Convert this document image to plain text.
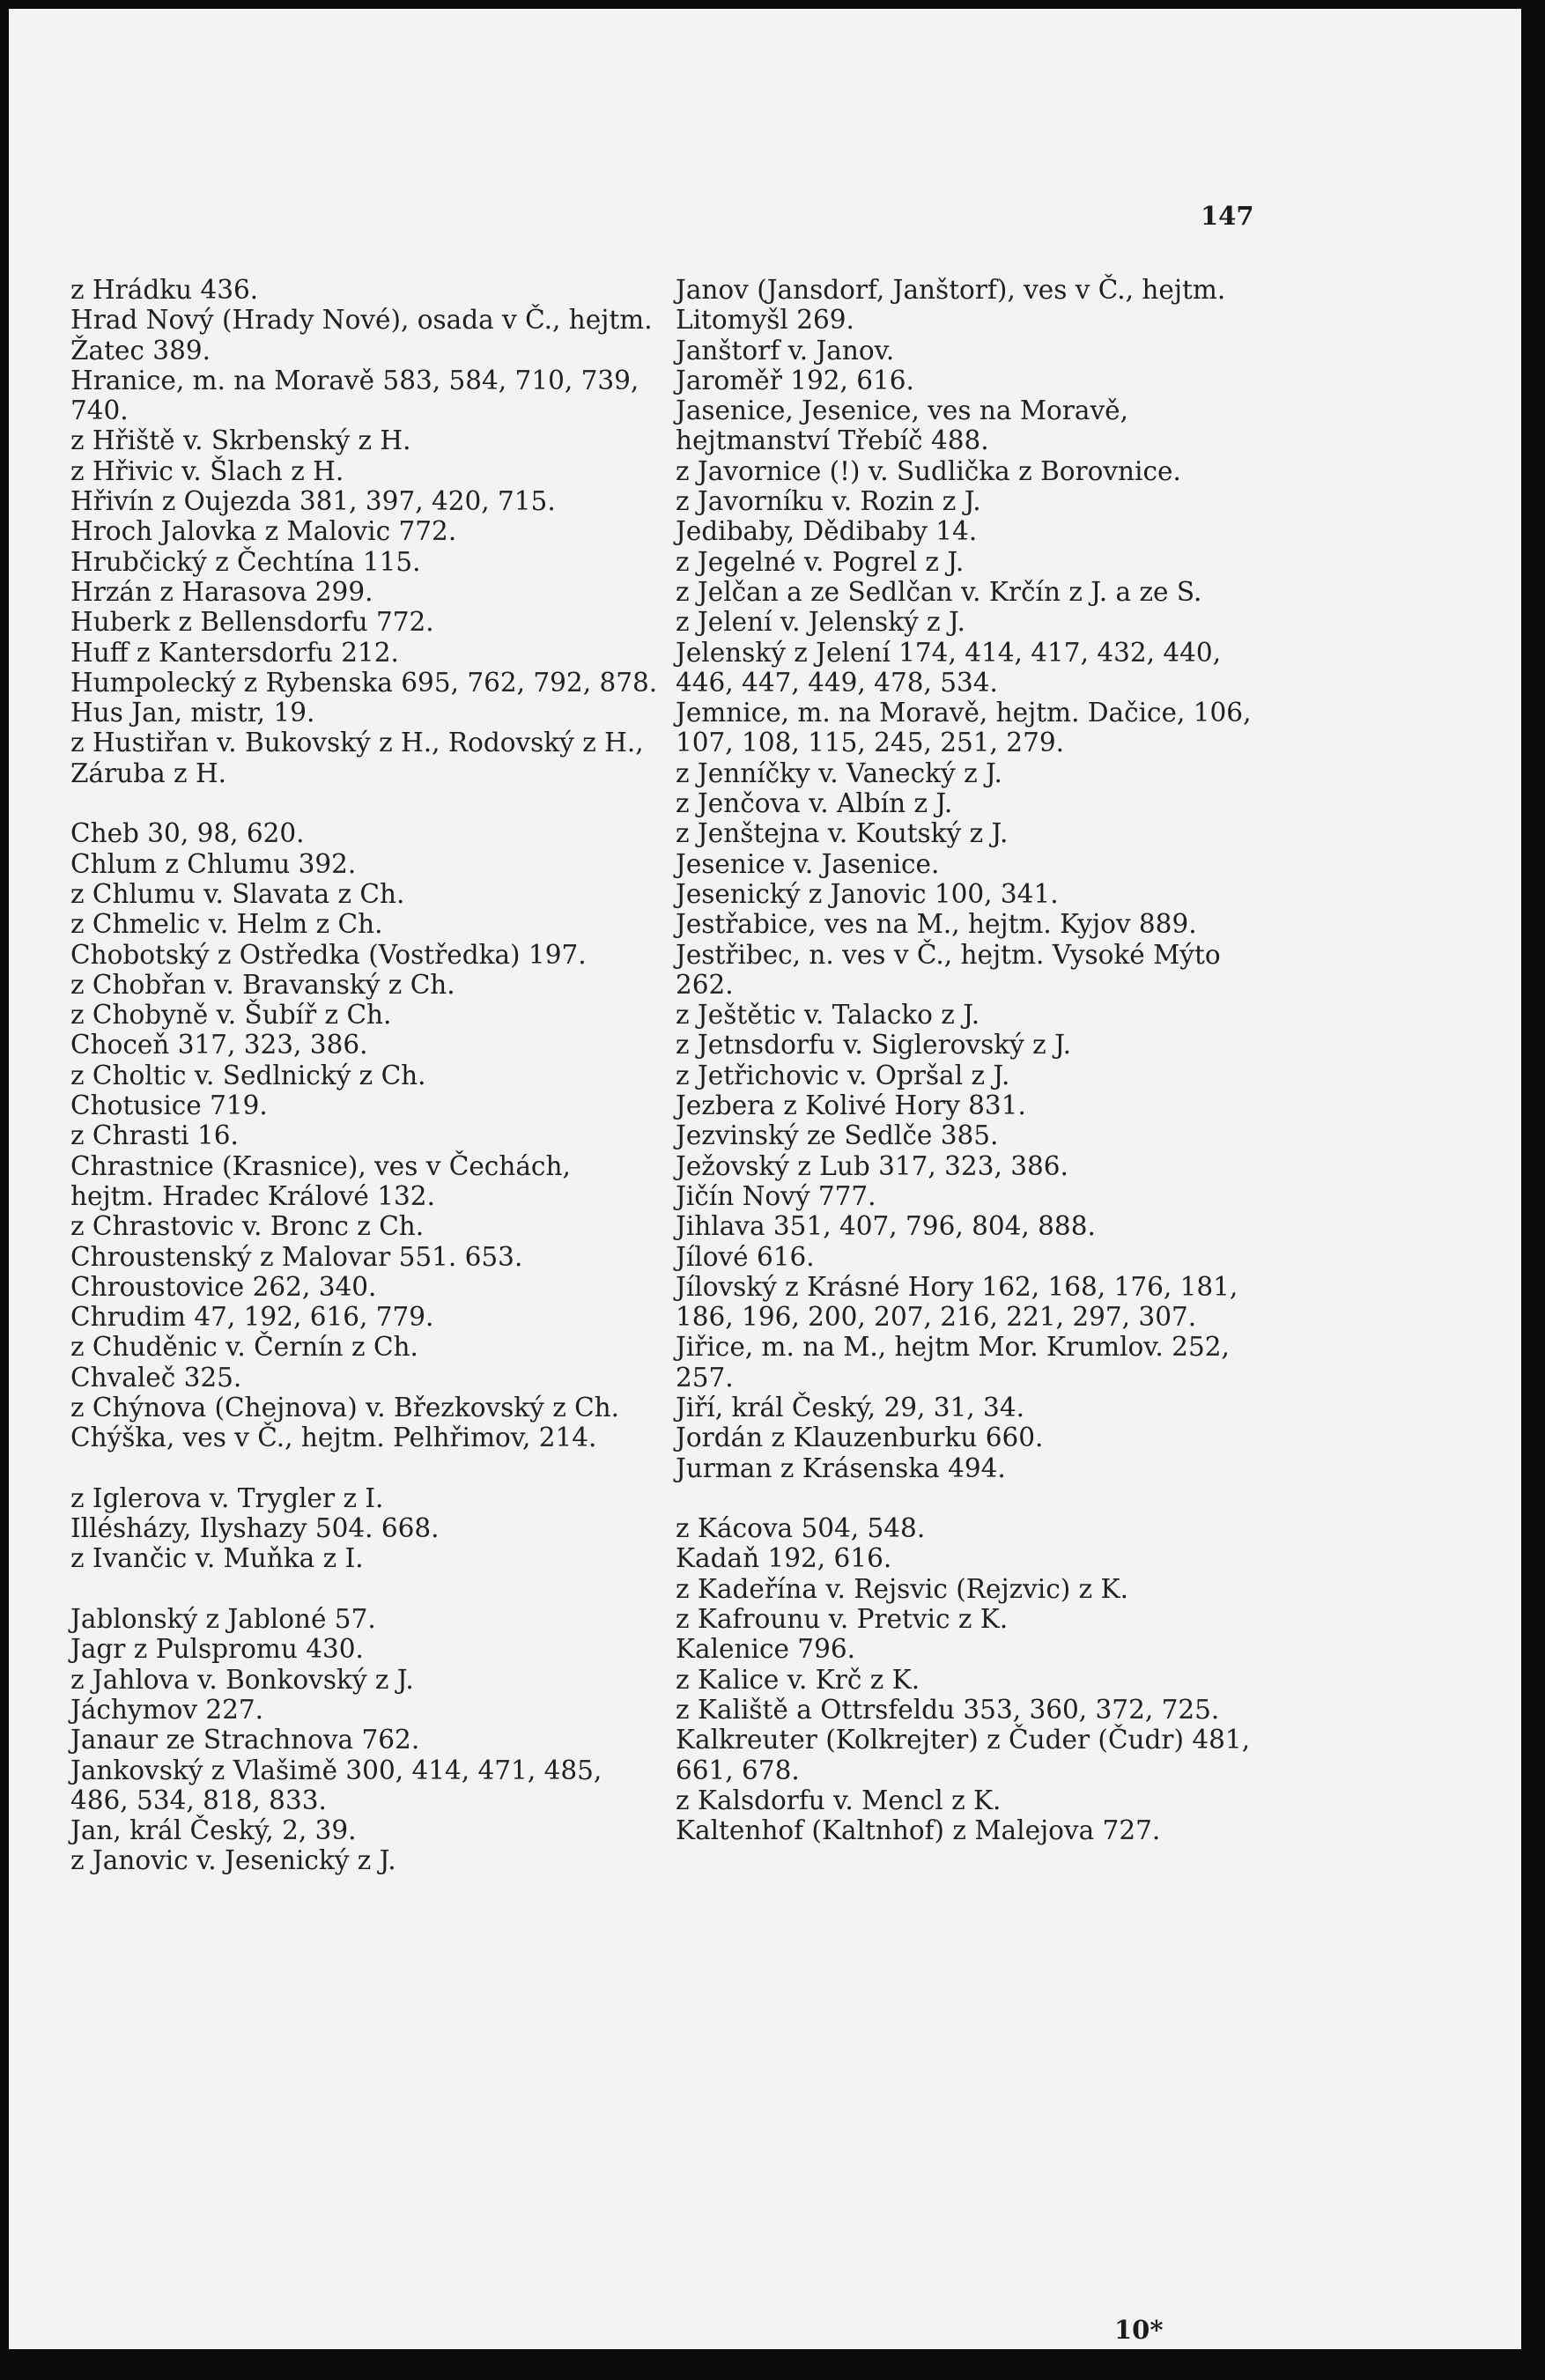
147
z Hrádku 436.
Hrad Nový (Hrady Nové), osada v Č., hejtm. Žatec 389.
Hranice, m. na Moravě 583, 584, 710, 739, 740.
z Hřiště v. Skrbenský z H.
z Hřivic v. Šlach z H.
Hřivín z Oujezda 381, 397, 420, 715.
Hroch Jalovka z Malovic 772.
Hrubčický z Čechtína 115.
Hrzán z Harasova 299.
Huberk z Bellensdorfu 772.
Huff z Kantersdorfu 212.
Humpolecký z Rybenska 695, 762, 792, 878.
Hus Jan, mistr, 19.
z Hustiřan v. Bukovský z H., Rodovský z H., Záruba z H.
Cheb 30, 98, 620.
Chlum z Chlumu 392.
z Chlumu v. Slavata z Ch.
z Chmelic v. Helm z Ch.
Chobotský z Ostředka (Vostředka) 197.
z Chobřan v. Bravanský z Ch.
z Chobyně v. Šubíř z Ch.
Choceň 317, 323, 386.
z Choltic v. Sedlnický z Ch.
Chotusice 719.
z Chrasti 16.
Chrastnice (Krasnice), ves v Čechách, hejtm. Hradec Králové 132.
z Chrastovic v. Bronc z Ch.
Chroustenský z Malovar 551. 653.
Chroustovice 262, 340.
Chrudim 47, 192, 616, 779.
z Chuděnic v. Černín z Ch.
Chvaleč 325.
z Chýnova (Chejnova) v. Březkovský z Ch.
Chýška, ves v Č., hejtm. Pelhřimov, 214.
z Iglerova v. Trygler z I.
Illésházy, Ilyshazy 504. 668.
z Ivančic v. Muňka z I.
Jablonský z Jabloné 57.
Jagr z Pulspromu 430.
z Jahlova v. Bonkovský z J.
Jáchymov 227.
Janaur ze Strachnova 762.
Jankovský z Vlašimě 300, 414, 471, 485, 486, 534, 818, 833.
Jan, král Český, 2, 39.
z Janovic v. Jesenický z J.
Janov (Jansdorf, Janštorf), ves v Č., hejtm. Litomyšl 269.
Janštorf v. Janov.
Jaroměř 192, 616.
Jasenice, Jesenice, ves na Moravě, hejtmanství Třebíč 488.
z Javornice (!) v. Sudlička z Borovnice.
z Javorníku v. Rozin z J.
Jedibaby, Dědibaby 14.
z Jegelné v. Pogrel z J.
z Jelčan a ze Sedlčan v. Krčín z J. a ze S.
z Jelení v. Jelenský z J.
Jelenský z Jelení 174, 414, 417, 432, 440, 446, 447, 449, 478, 534.
Jemnice, m. na Moravě, hejtm. Dačice, 106, 107, 108, 115, 245, 251, 279.
z Jenníčky v. Vanecký z J.
z Jenčova v. Albín z J.
z Jenštejna v. Koutský z J.
Jesenice v. Jasenice.
Jesenický z Janovic 100, 341.
Jestřabice, ves na M., hejtm. Kyjov 889.
Jestřibec, n. ves v Č., hejtm. Vysoké Mýto 262.
z Ještětic v. Talacko z J.
z Jetnsdorfu v. Siglerovský z J.
z Jetřichovic v. Opršal z J.
Jezbera z Kolivé Hory 831.
Jezvinský ze Sedlče 385.
Ježovský z Lub 317, 323, 386.
Jičín Nový 777.
Jihlava 351, 407, 796, 804, 888.
Jílové 616.
Jílovský z Krásné Hory 162, 168, 176, 181, 186, 196, 200, 207, 216, 221, 297, 307.
Jiřice, m. na M., hejtm Mor. Krumlov. 252, 257.
Jiří, král Český, 29, 31, 34.
Jordán z Klauzenburku 660.
Jurman z Krásenska 494.
z Kácova 504, 548.
Kadaň 192, 616.
z Kadeřína v. Rejsvic (Rejzvic) z K.
z Kafrounu v. Pretvic z K.
Kalenice 796.
z Kalice v. Krč z K.
z Kaliště a Ottrsfeldu 353, 360, 372, 725.
Kalkreuter (Kolkrejter) z Čuder (Čudr) 481, 661, 678.
z Kalsdorfu v. Mencl z K.
Kaltenhof (Kaltnhof) z Malejova 727.
10*
